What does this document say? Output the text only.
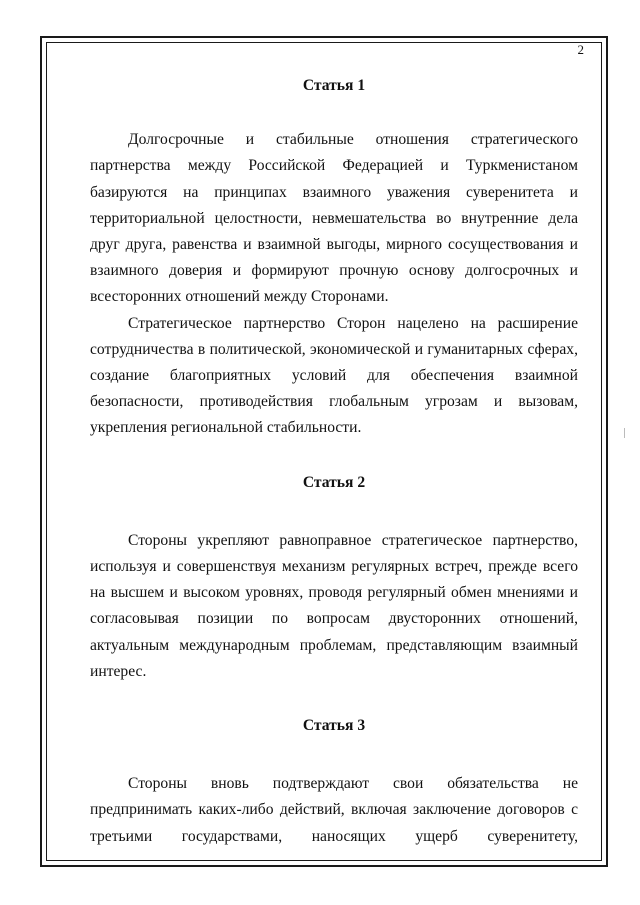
2
Статья 1

Долгосрочные и стабильные отношения стратегического партнерства между Российской Федерацией и Туркменистаном базируются на принципах взаимного уважения суверенитета и территориальной целостности, невмешательства во внутренние дела друг друга, равенства и взаимной выгоды, мирного сосуществования и взаимного доверия и формируют прочную основу долгосрочных и всесторонних отношений между Сторонами.

Стратегическое партнерство Сторон нацелено на расширение сотрудничества в политической, экономической и гуманитарных сферах, создание благоприятных условий для обеспечения взаимной безопасности, противодействия глобальным угрозам и вызовам, укрепления региональной стабильности.

Статья 2

Стороны укрепляют равноправное стратегическое партнерство, используя и совершенствуя механизм регулярных встреч, прежде всего на высшем и высоком уровнях, проводя регулярный обмен мнениями и согласовывая позиции по вопросам двусторонних отношений, актуальным международным проблемам, представляющим взаимный интерес.

Статья 3

Стороны вновь подтверждают свои обязательства не предпринимать каких-либо действий, включая заключение договоров с третьими государствами, наносящих ущерб суверенитету,
